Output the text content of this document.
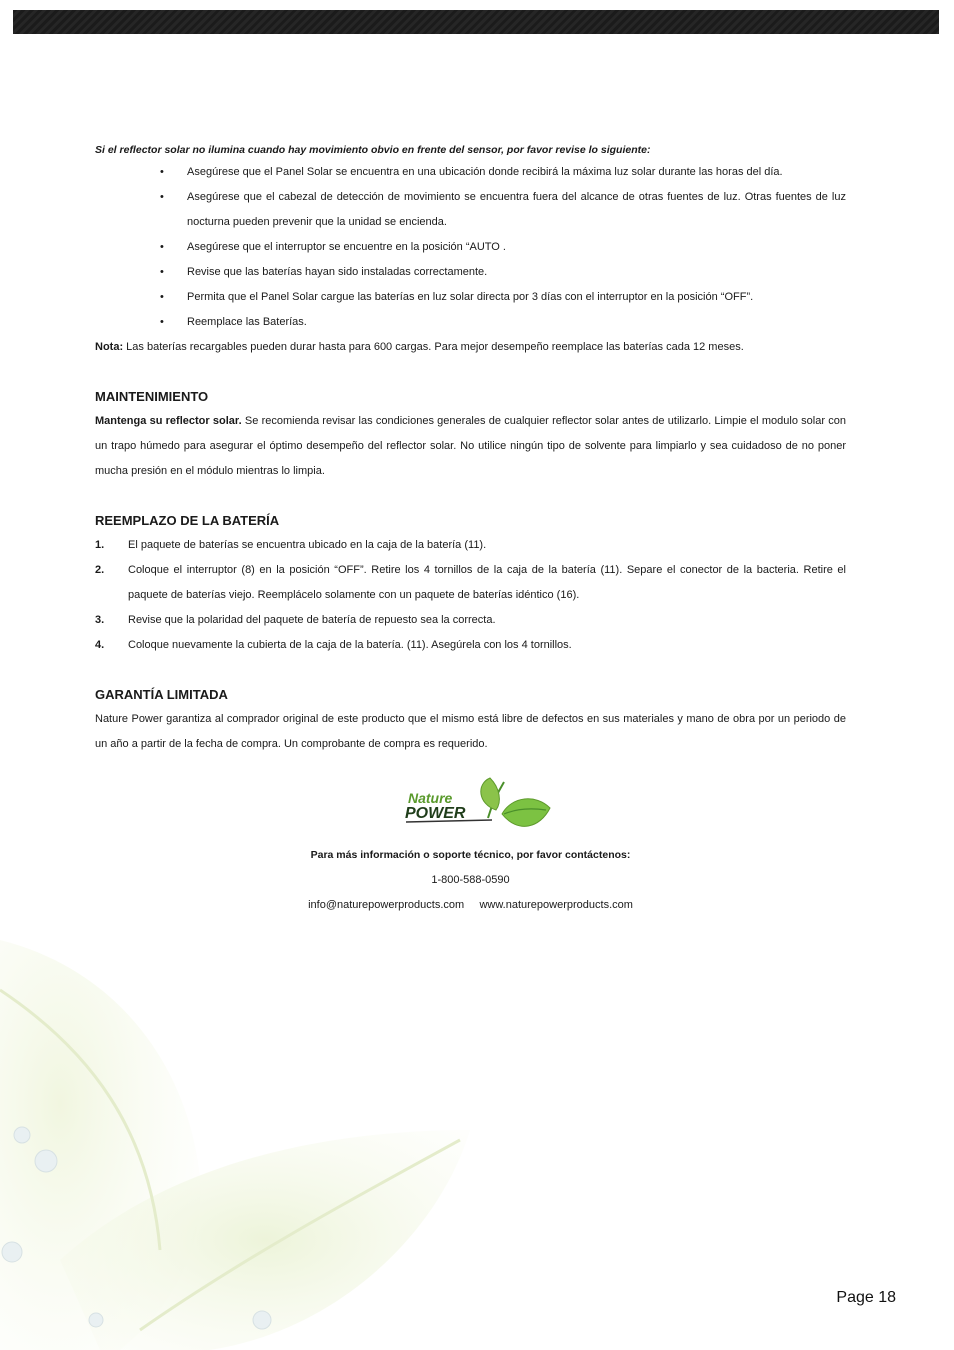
Si el reflector solar no ilumina cuando hay movimiento obvio en frente del sensor, por favor revise lo siguiente:

• Asegúrese que el Panel Solar se encuentra en una ubicación donde recibirá la máxima luz solar durante las horas del día.
• Asegúrese que el cabezal de detección de movimiento se encuentra fuera del alcance de otras fuentes de luz. Otras fuentes de luz nocturna pueden prevenir que la unidad se encienda.
• Asegúrese que el interruptor se encuentre en la posición “AUTO .
• Revise que las baterías hayan sido instaladas correctamente.
• Permita que el Panel Solar cargue las baterías en luz solar directa por 3 días con el interruptor en la posición “OFF”.
• Reemplace las Baterías.

Nota: Las baterías recargables pueden durar hasta para 600 cargas. Para mejor desempeño reemplace las baterías cada 12 meses.

MAINTENIMIENTO

Mantenga su reflector solar. Se recomienda revisar las condiciones generales de cualquier reflector solar antes de utilizarlo. Limpie el modulo solar con un trapo húmedo para asegurar el óptimo desempeño del reflector solar. No utilice ningún tipo de solvente para limpiarlo y sea cuidadoso de no poner mucha presión en el módulo mientras lo limpia.

REEMPLAZO DE LA BATERÍA
1. El paquete de baterías se encuentra ubicado en la caja de la batería (11).
2. Coloque el interruptor (8) en la posición “OFF”. Retire los 4 tornillos de la caja de la batería (11). Separe el conector de la bacteria. Retire el paquete de baterías viejo. Reemplácelo solamente con un paquete de baterías idéntico (16).
3. Revise que la polaridad del paquete de batería de repuesto sea la correcta.
4. Coloque nuevamente la cubierta de la caja de la batería. (11). Asegúrela con los 4 tornillos.
GARANTÍA LIMITADA

Nature Power garantiza al comprador original de este producto que el mismo está libre de defectos en sus materiales y mano de obra por un periodo de un año a partir de la fecha de compra. Un comprobante de compra es requerido.

Nature
POWER
Para más información o soporte técnico, por favor contáctenos:
1-800-588-0590
info@naturepowerproducts.com www.naturepowerproducts.com
Page 18
